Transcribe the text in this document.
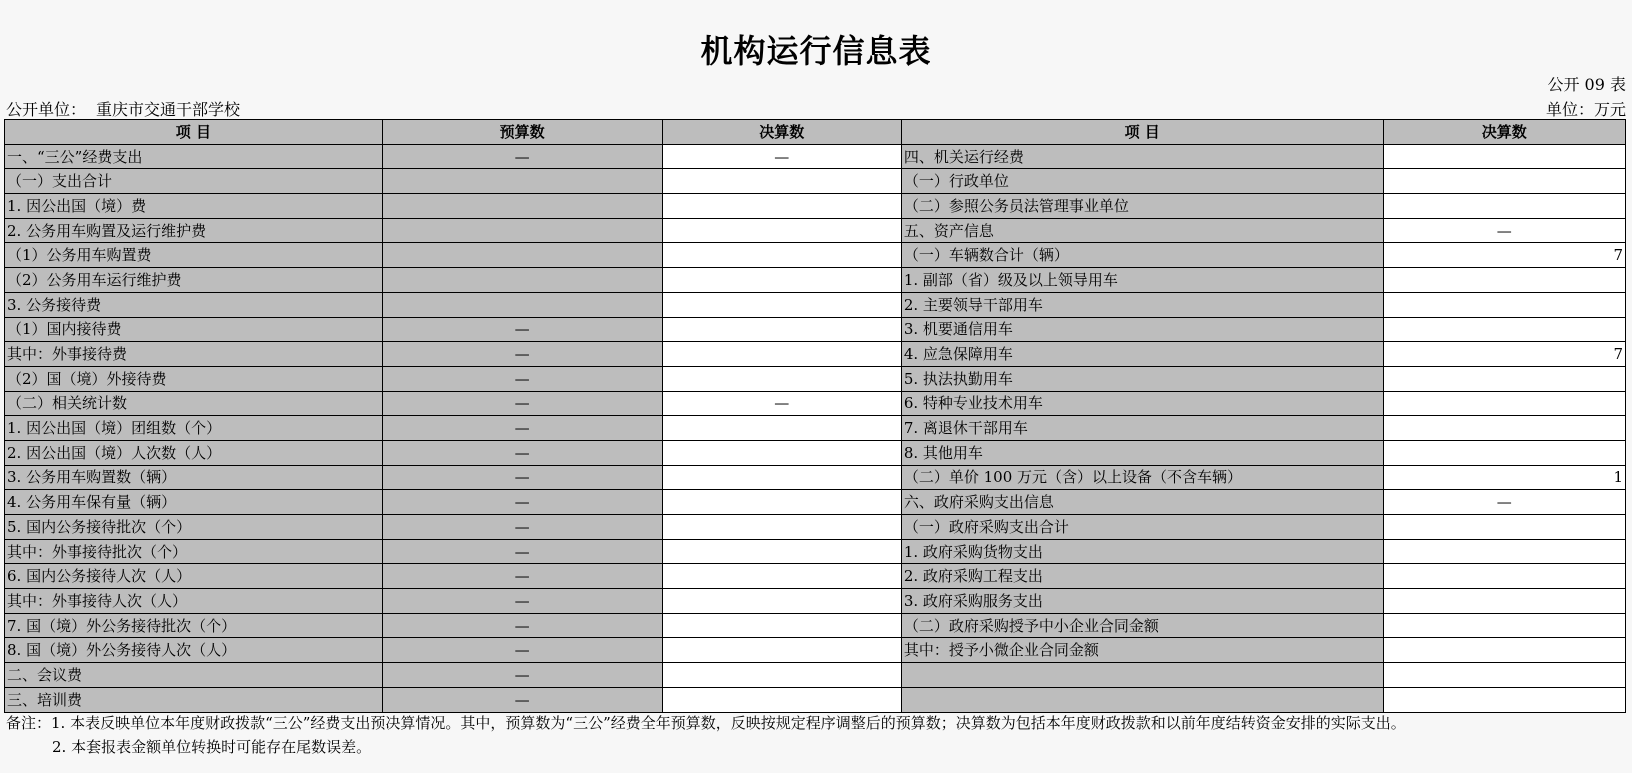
机构运行信息表
公开 09 表
公开单位： 重庆市交通干部学校	单位：万元
项 目	预算数	决算数	项 目	决算数
一、“三公”经费支出	—	—	四、机关运行经费	
（一）支出合计			（一）行政单位	
1. 因公出国（境）费			（二）参照公务员法管理事业单位	
2. 公务用车购置及运行维护费			五、资产信息	—
（1）公务用车购置费			（一）车辆数合计（辆）	7
（2）公务用车运行维护费			1. 副部（省）级及以上领导用车	
3. 公务接待费			2. 主要领导干部用车	
（1）国内接待费	—		3. 机要通信用车	
其中：外事接待费	—		4. 应急保障用车	7
（2）国（境）外接待费	—		5. 执法执勤用车	
（二）相关统计数	—	—	6. 特种专业技术用车	
1. 因公出国（境）团组数（个）	—		7. 离退休干部用车	
2. 因公出国（境）人次数（人）	—		8. 其他用车	
3. 公务用车购置数（辆）	—		（二）单价 100 万元（含）以上设备（不含车辆）	1
4. 公务用车保有量（辆）	—		六、政府采购支出信息	—
5. 国内公务接待批次（个）	—		（一）政府采购支出合计	
其中：外事接待批次（个）	—		1. 政府采购货物支出	
6. 国内公务接待人次（人）	—		2. 政府采购工程支出	
其中：外事接待人次（人）	—		3. 政府采购服务支出	
7. 国（境）外公务接待批次（个）	—		（二）政府采购授予中小企业合同金额	
8. 国（境）外公务接待人次（人）	—		其中：授予小微企业合同金额	
二、会议费	—			
三、培训费	—			
备注：1. 本表反映单位本年度财政拨款“三公”经费支出预决算情况。其中，预算数为“三公”经费全年预算数，反映按规定程序调整后的预算数；决算数为包括本年度财政拨款和以前年度结转资金安排的实际支出。
2. 本套报表金额单位转换时可能存在尾数误差。
